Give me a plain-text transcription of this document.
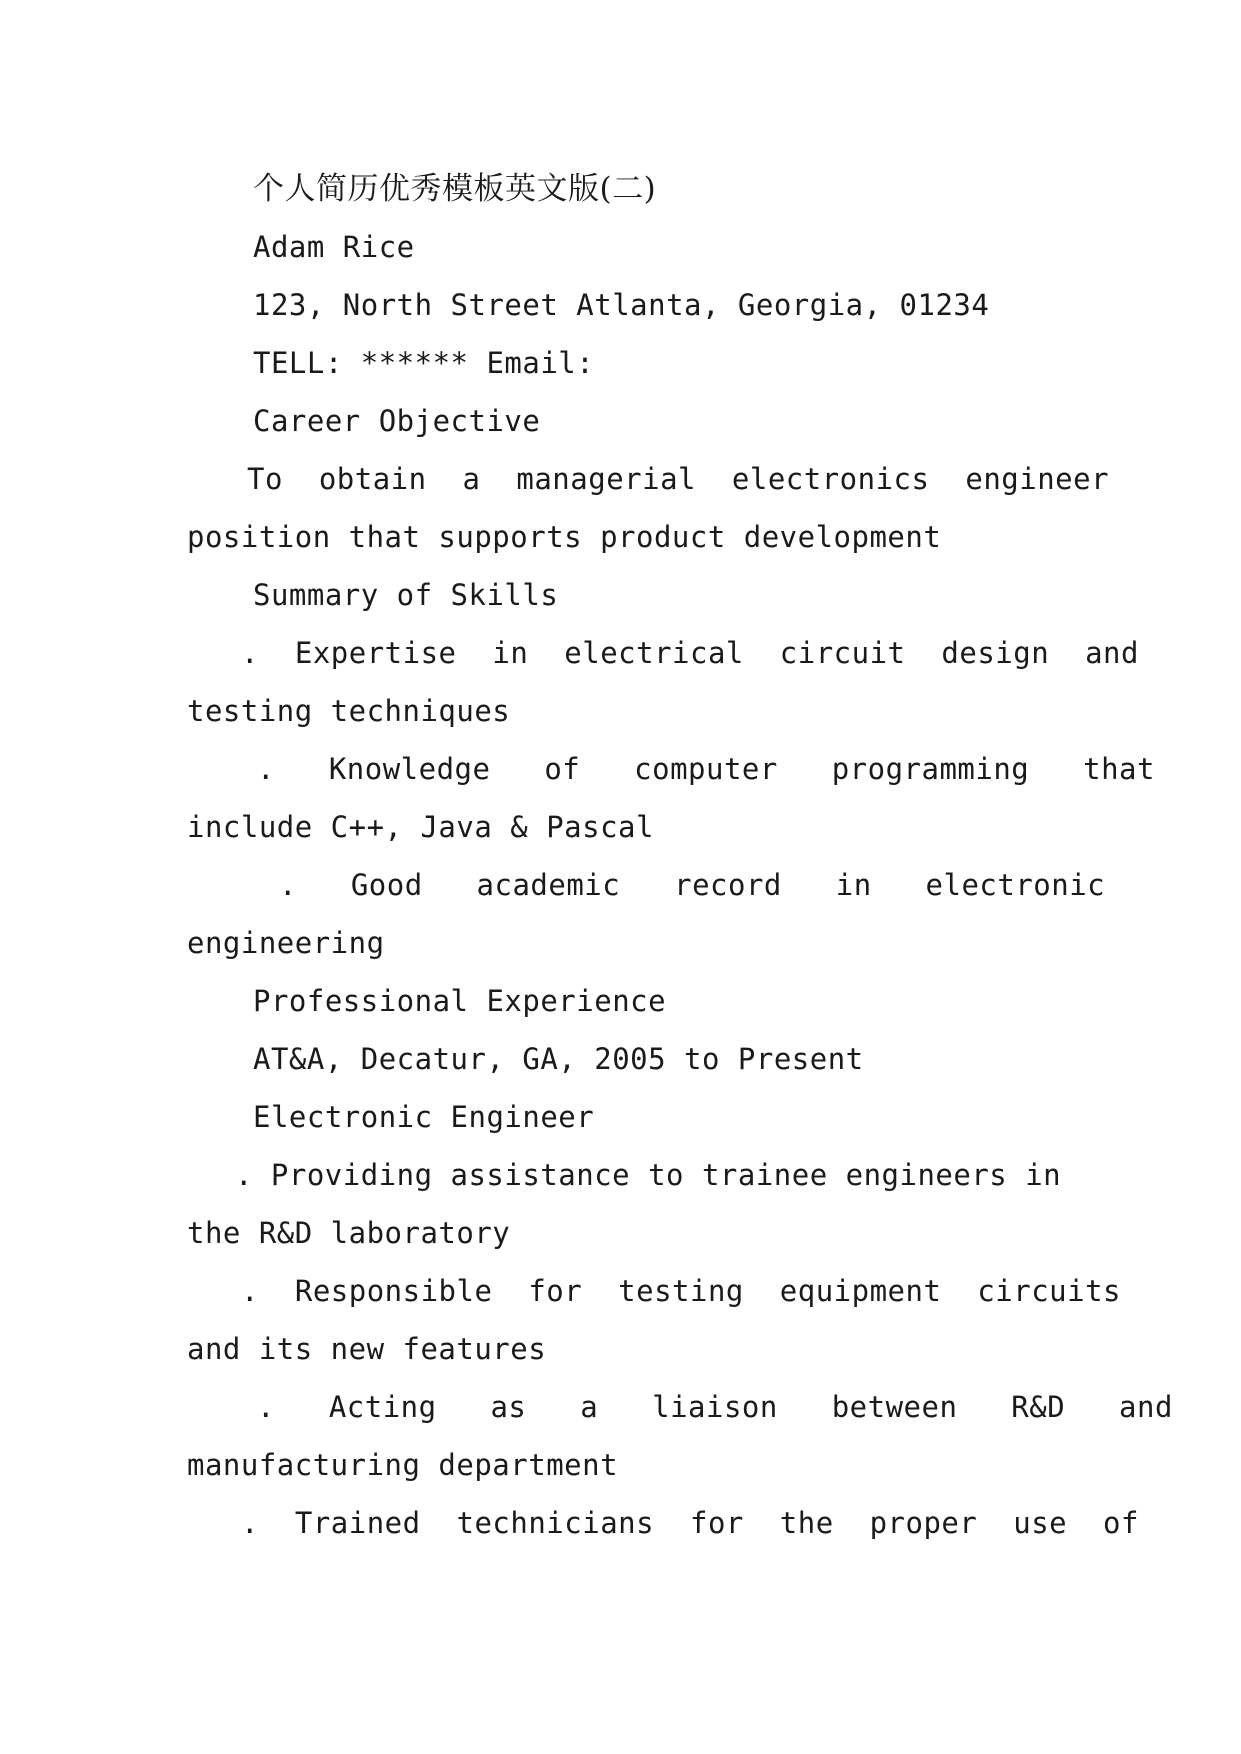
个人简历优秀模板英文版(二)
Adam Rice
123, North Street Atlanta, Georgia, 01234
TELL: ****** Email:
Career Objective
To  obtain  a  managerial  electronics  engineer
position that supports product development
Summary of Skills
.  Expertise  in  electrical  circuit  design  and
testing techniques
.   Knowledge   of   computer   programming   that
include C++, Java & Pascal
.   Good   academic   record   in   electronic
engineering
Professional Experience
AT&A, Decatur, GA, 2005 to Present
Electronic Engineer
. Providing assistance to trainee engineers in
the R&D laboratory
.  Responsible  for  testing  equipment  circuits
and its new features
.   Acting   as   a   liaison   between   R&D   and
manufacturing department
.  Trained  technicians  for  the  proper  use  of
